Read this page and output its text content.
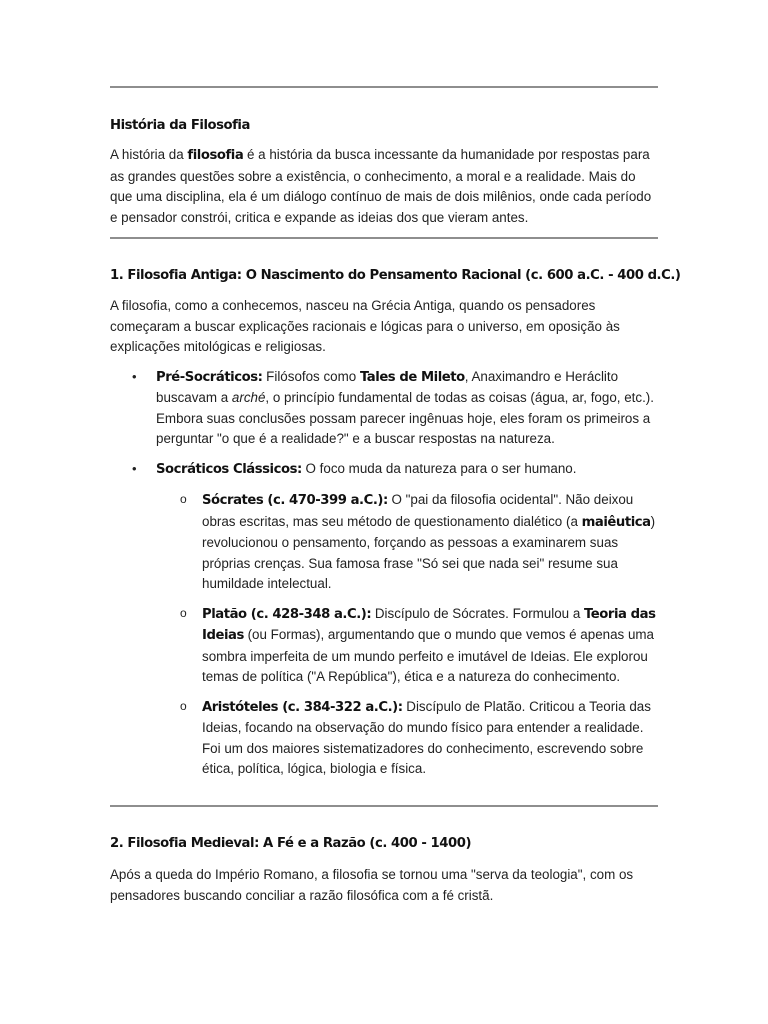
História da Filosofia

A história da filosofia é a história da busca incessante da humanidade por respostas para as grandes questões sobre a existência, o conhecimento, a moral e a realidade. Mais do que uma disciplina, ela é um diálogo contínuo de mais de dois milênios, onde cada período e pensador constrói, critica e expande as ideias dos que vieram antes.

1. Filosofia Antiga: O Nascimento do Pensamento Racional (c. 600 a.C. - 400 d.C.)

A filosofia, como a conhecemos, nasceu na Grécia Antiga, quando os pensadores começaram a buscar explicações racionais e lógicas para o universo, em oposição às explicações mitológicas e religiosas.

• Pré-Socráticos: Filósofos como Tales de Mileto, Anaximandro e Heráclito buscavam a arché, o princípio fundamental de todas as coisas (água, ar, fogo, etc.). Embora suas conclusões possam parecer ingênuas hoje, eles foram os primeiros a perguntar "o que é a realidade?" e a buscar respostas na natureza.
• Socráticos Clássicos: O foco muda da natureza para o ser humano.
o Sócrates (c. 470-399 a.C.): O "pai da filosofia ocidental". Não deixou obras escritas, mas seu método de questionamento dialético (a maiêutica) revolucionou o pensamento, forçando as pessoas a examinarem suas próprias crenças. Sua famosa frase "Só sei que nada sei" resume sua humildade intelectual.
o Platão (c. 428-348 a.C.): Discípulo de Sócrates. Formulou a Teoria das Ideias (ou Formas), argumentando que o mundo que vemos é apenas uma sombra imperfeita de um mundo perfeito e imutável de Ideias. Ele explorou temas de política ("A República"), ética e a natureza do conhecimento.
o Aristóteles (c. 384-322 a.C.): Discípulo de Platão. Criticou a Teoria das Ideias, focando na observação do mundo físico para entender a realidade. Foi um dos maiores sistematizadores do conhecimento, escrevendo sobre ética, política, lógica, biologia e física.
2. Filosofia Medieval: A Fé e a Razão (c. 400 - 1400)

Após a queda do Império Romano, a filosofia se tornou uma "serva da teologia", com os pensadores buscando conciliar a razão filosófica com a fé cristã.
